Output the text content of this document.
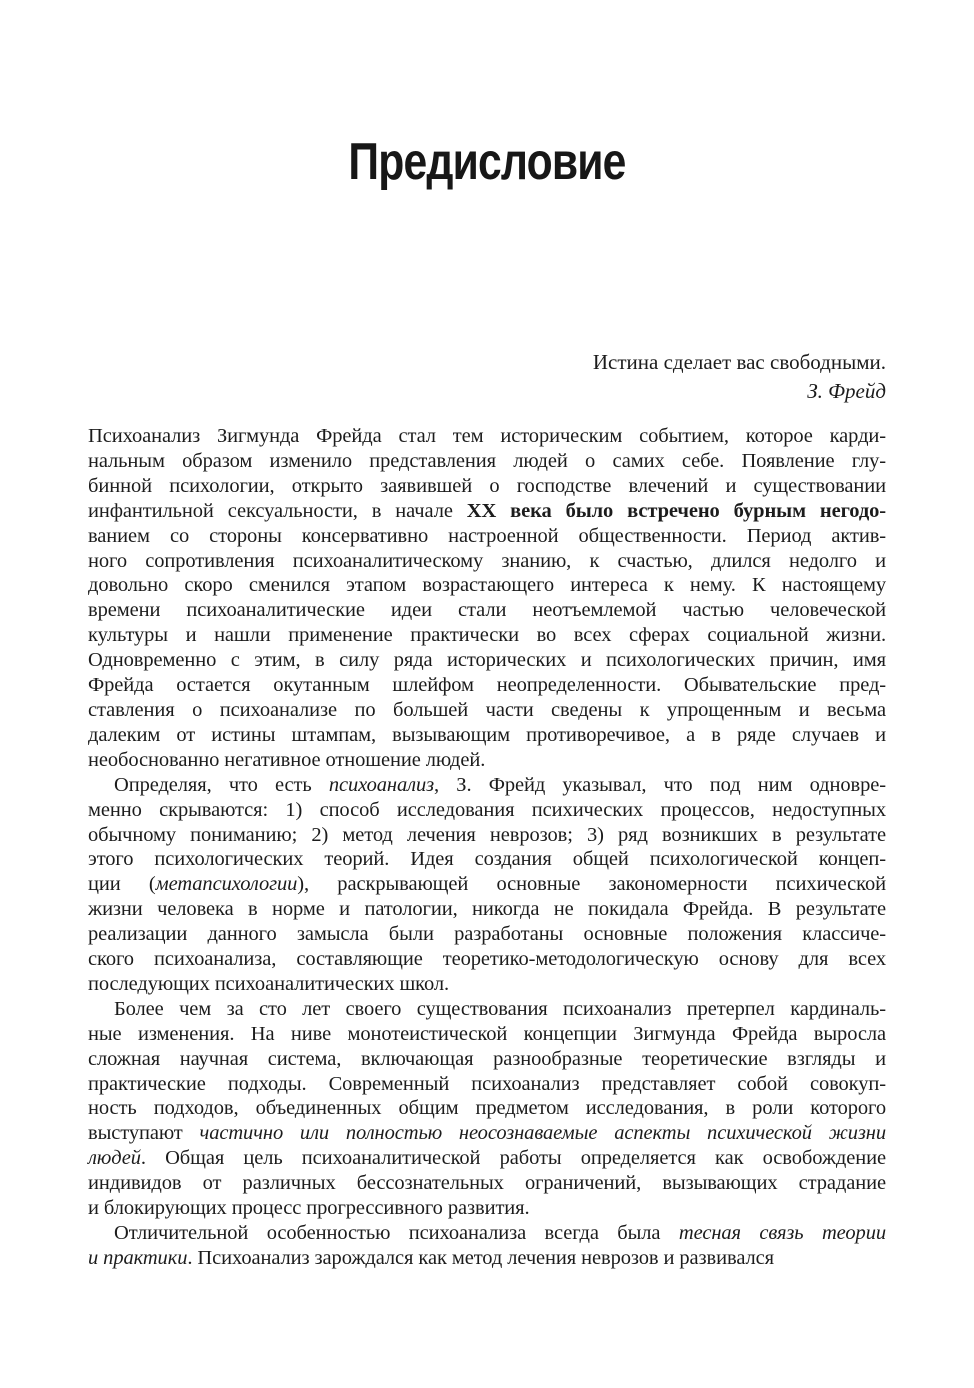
Предисловие
Истина сделает вас свободными.
З. Фрейд
Психоанализ Зигмунда Фрейда стал тем историческим событием, которое карди-
нальным образом изменило представления людей о самих себе. Появление глу-
бинной психологии, открыто заявившей о господстве влечений и существовании
инфантильной сексуальности, в начале XX века было встречено бурным негодо-
ванием со стороны консервативно настроенной общественности. Период актив-
ного сопротивления психоаналитическому знанию, к счастью, длился недолго и
довольно скоро сменился этапом возрастающего интереса к нему. К настоящему
времени психоаналитические идеи стали неотъемлемой частью человеческой
культуры и нашли применение практически во всех сферах социальной жизни.
Одновременно с этим, в силу ряда исторических и психологических причин, имя
Фрейда остается окутанным шлейфом неопределенности. Обывательские пред-
ставления о психоанализе по большей части сведены к упрощенным и весьма
далеким от истины штампам, вызывающим противоречивое, а в ряде случаев и
необоснованно негативное отношение людей.
Определяя, что есть психоанализ, З. Фрейд указывал, что под ним одновре-
менно скрываются: 1) способ исследования психических процессов, недоступных
обычному пониманию; 2) метод лечения неврозов; 3) ряд возникших в результате
этого психологических теорий. Идея создания общей психологической концеп-
ции (метапсихологии), раскрывающей основные закономерности психической
жизни человека в норме и патологии, никогда не покидала Фрейда. В результате
реализации данного замысла были разработаны основные положения классиче-
ского психоанализа, составляющие теоретико-методологическую основу для всех
последующих психоаналитических школ.
Более чем за сто лет своего существования психоанализ претерпел кардиналь-
ные изменения. На ниве монотеистической концепции Зигмунда Фрейда выросла
сложная научная система, включающая разнообразные теоретические взгляды и
практические подходы. Современный психоанализ представляет собой совокуп-
ность подходов, объединенных общим предметом исследования, в роли которого
выступают частично или полностью неосознаваемые аспекты психической жизни
людей. Общая цель психоаналитической работы определяется как освобождение
индивидов от различных бессознательных ограничений, вызывающих страдание
и блокирующих процесс прогрессивного развития.
Отличительной особенностью психоанализа всегда была тесная связь теории
и практики. Психоанализ зарождался как метод лечения неврозов и развивался
